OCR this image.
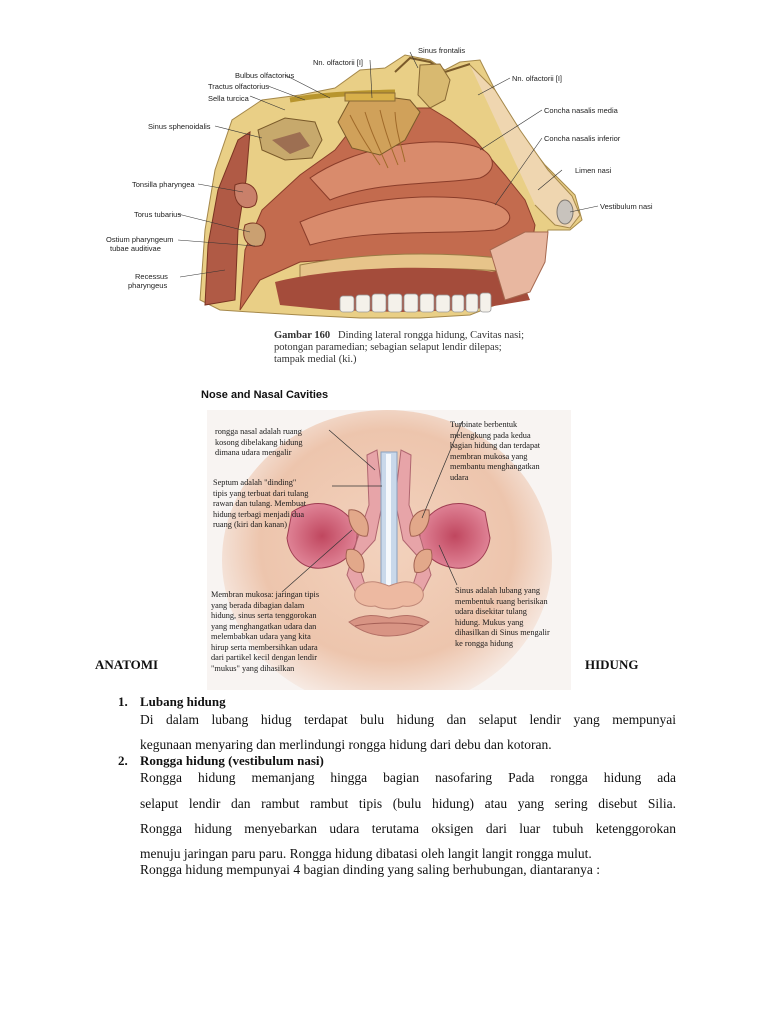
Sinus frontalis
Nn. olfactorii [I]
Bulbus olfactorius
Tractus olfactorius
Sella turcica
Nn. olfactorii [I]
Concha nasalis media
Concha nasalis inferior
Limen nasi
Vestibulum nasi
Sinus sphenoidalis
Tonsilla pharyngea
Torus tubarius
Ostium pharyngeum
tubae auditivae
Recessus
pharyngeus
Gambar 160 Dinding lateral rongga hidung, Cavitas nasi;
potongan paramedian; sebagian selaput lendir dilepas;
tampak medial (ki.)
Nose and Nasal Cavities
rongga nasal adalah ruang
kosong dibelakang hidung
dimana udara mengalir
Septum adalah "dinding"
tipis yang terbuat dari tulang
rawan dan tulang. Membuat
hidung terbagi menjadi dua
ruang (kiri dan kanan)
Membran mukosa: jaringan tipis
yang berada dibagian dalam
hidung, sinus serta tenggorokan
yang menghangatkan udara dan
melembabkan udara yang kita
hirup serta membersihkan udara
dari partikel kecil dengan lendir
"mukus" yang dihasilkan
Turbinate berbentuk
melengkung pada kedua
bagian hidung dan terdapat
membran mukosa yang
membantu menghangatkan
udara
Sinus adalah lubang yang
membentuk ruang berisikan
udara disekitar tulang
hidung. Mukus yang
dihasilkan di Sinus mengalir
ke rongga hidung
ANATOMI	HIDUNG
1. Lubang hidung
Di dalam lubang hidug terdapat bulu hidung dan selaput lendir yang mempunyai
kegunaan menyaring dan merlindungi rongga hidung dari debu dan kotoran.
2. Rongga hidung (vestibulum nasi)
Rongga hidung memanjang hingga bagian nasofaring Pada rongga hidung ada
selaput lendir dan rambut rambut tipis (bulu hidung) atau yang sering disebut Silia.
Rongga hidung menyebarkan udara terutama oksigen dari luar tubuh ketenggorokan
menuju jaringan paru paru. Rongga hidung dibatasi oleh langit langit rongga mulut.
Rongga hidung mempunyai 4 bagian dinding yang saling berhubungan, diantaranya :
